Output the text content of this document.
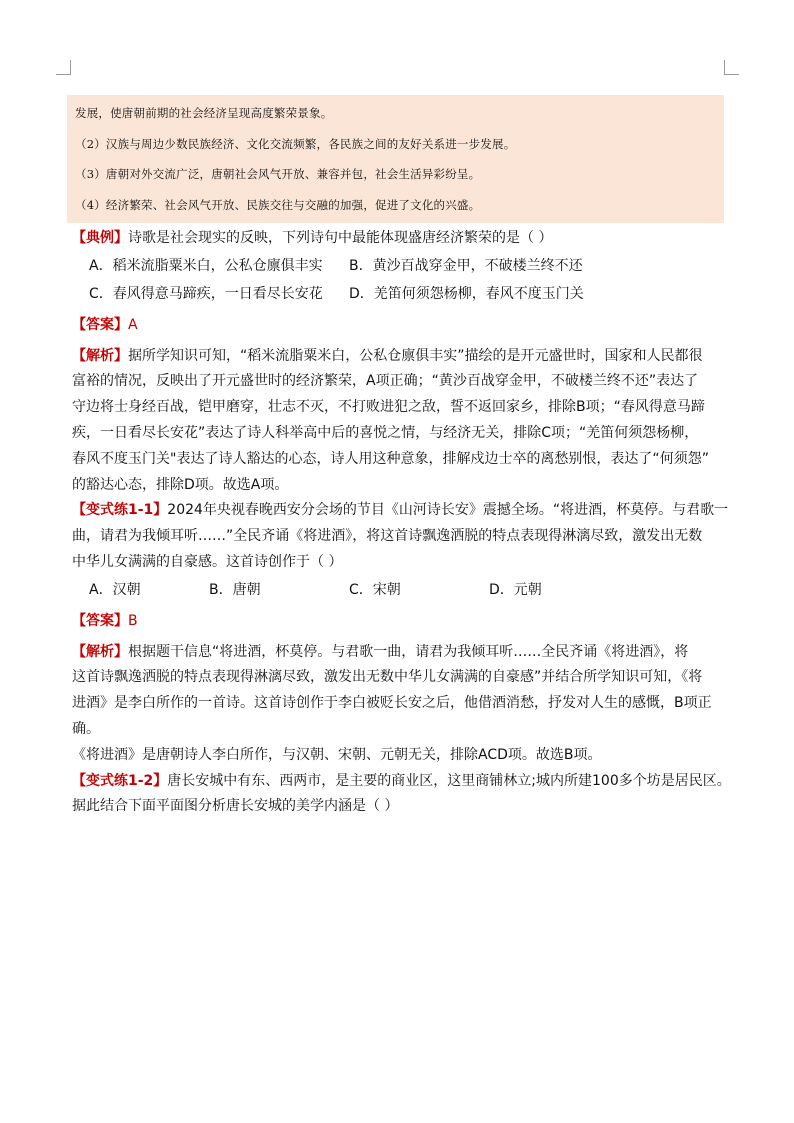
发展，使唐朝前期的社会经济呈现高度繁荣景象。
（2）汉族与周边少数民族经济、文化交流频繁，各民族之间的友好关系进一步发展。
（3）唐朝对外交流广泛，唐朝社会风气开放、兼容并包，社会生活异彩纷呈。
（4）经济繁荣、社会风气开放、民族交往与交融的加强，促进了文化的兴盛。

【典例】诗歌是社会现实的反映，下列诗句中最能体现盛唐经济繁荣的是（ ）

A．稻米流脂粟米白，公私仓廪俱丰实	B．黄沙百战穿金甲，不破楼兰终不还
C．春风得意马蹄疾，一日看尽长安花	D．羌笛何须怨杨柳，春风不度玉门关

【答案】A

【解析】据所学知识可知，“稻米流脂粟米白，公私仓廪俱丰实”描绘的是开元盛世时，国家和人民都很
富裕的情况，反映出了开元盛世时的经济繁荣，A项正确；“黄沙百战穿金甲，不破楼兰终不还”表达了
守边将士身经百战，铠甲磨穿，壮志不灭，不打败进犯之敌，誓不返回家乡，排除B项；“春风得意马蹄
疾，一日看尽长安花”表达了诗人科举高中后的喜悦之情，与经济无关，排除C项；“羌笛何须怨杨柳，
春风不度玉门关"表达了诗人豁达的心态，诗人用这种意象，排解戍边士卒的离愁别恨，表达了“何须怨”
的豁达心态，排除D项。故选A项。

【变式练1-1】2024年央视春晚西安分会场的节目《山河诗长安》震撼全场。“将进酒，杯莫停。与君歌一
曲，请君为我倾耳听……”全民齐诵《将进酒》，将这首诗飘逸洒脱的特点表现得淋漓尽致，激发出无数
中华儿女满满的自豪感。这首诗创作于（ ）

A．汉朝	B．唐朝	C．宋朝	D．元朝

【答案】B

【解析】根据题干信息“将进酒，杯莫停。与君歌一曲，请君为我倾耳听……全民齐诵《将进酒》，将
这首诗飘逸洒脱的特点表现得淋漓尽致，激发出无数中华儿女满满的自豪感”并结合所学知识可知，《将
进酒》是李白所作的一首诗。这首诗创作于李白被贬长安之后，他借酒消愁，抒发对人生的感慨，B项正确。
《将进酒》是唐朝诗人李白所作，与汉朝、宋朝、元朝无关，排除ACD项。故选B项。

【变式练1-2】唐长安城中有东、西两市，是主要的商业区，这里商铺林立;城内所建100多个坊是居民区。
据此结合下面平面图分析唐长安城的美学内涵是（ ）
